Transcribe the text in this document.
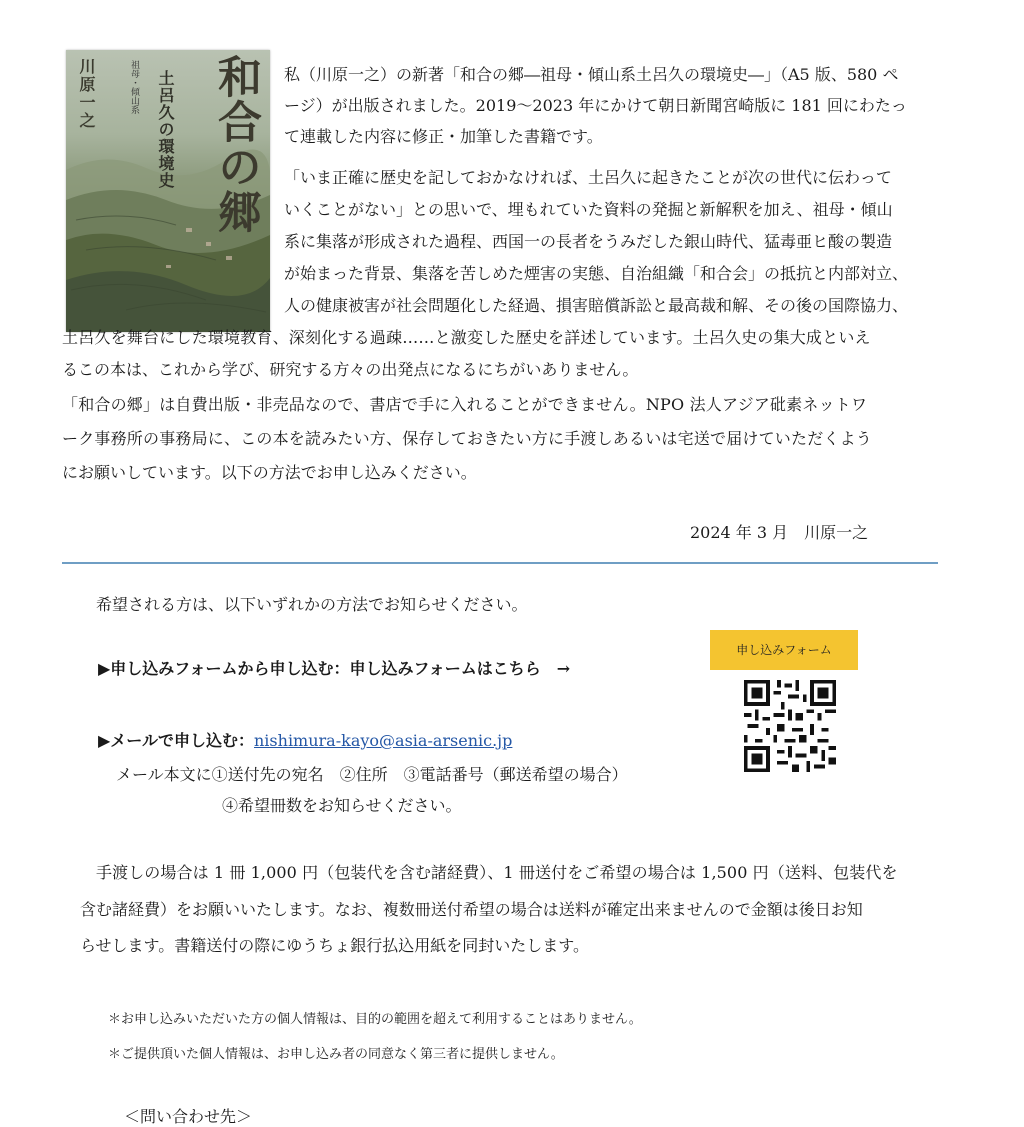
川原一之	祖母・傾山系 土呂久の環境史 和合の郷 私（川原一之）の新著「和合の郷―祖母・傾山系土呂久の環境史―」（A5 版、580 ペ
ージ）が出版されました。2019～2023 年にかけて朝日新聞宮崎版に 181 回にわたっ
て連載した内容に修正・加筆した書籍です。
「いま正確に歴史を記しておかなければ、土呂久に起きたことが次の世代に伝わって
いくことがない」との思いで、埋もれていた資料の発掘と新解釈を加え、祖母・傾山
系に集落が形成された過程、西国一の長者をうみだした銀山時代、猛毒亜ヒ酸の製造
が始まった背景、集落を苦しめた煙害の実態、自治組織「和合会」の抵抗と内部対立、
人の健康被害が社会問題化した経過、損害賠償訴訟と最高裁和解、その後の国際協力、
土呂久を舞台にした環境教育、深刻化する過疎……と激変した歴史を詳述しています。土呂久史の集大成といえ
るこの本は、これから学び、研究する方々の出発点になるにちがいありません。
「和合の郷」は自費出版・非売品なので、書店で手に入れることができません。NPO 法人アジア砒素ネットワ
ーク事務所の事務局に、この本を読みたい方、保存しておきたい方に手渡しあるいは宅送で届けていただくよう
にお願いしています。以下の方法でお申し込みください。
2024 年 3 月　川原一之
希望される方は、以下いずれかの方法でお知らせください。
▶申し込みフォームから申し込む：申し込みフォームはこちら　→
申し込みフォーム
▶メールで申し込む：nishimura-kayo@asia-arsenic.jp
メール本文に①送付先の宛名　②住所　③電話番号（郵送希望の場合）
④希望冊数をお知らせください。
手渡しの場合は 1 冊 1,000 円（包装代を含む諸経費）、1 冊送付をご希望の場合は 1,500 円（送料、包装代を
含む諸経費）をお願いいたします。なお、複数冊送付希望の場合は送料が確定出来ませんので金額は後日お知
らせします。書籍送付の際にゆうちょ銀行払込用紙を同封いたします。
＊お申し込みいただいた方の個人情報は、目的の範囲を超えて利用することはありません。
＊ご提供頂いた個人情報は、お申し込み者の同意なく第三者に提供しません。
＜問い合わせ先＞
